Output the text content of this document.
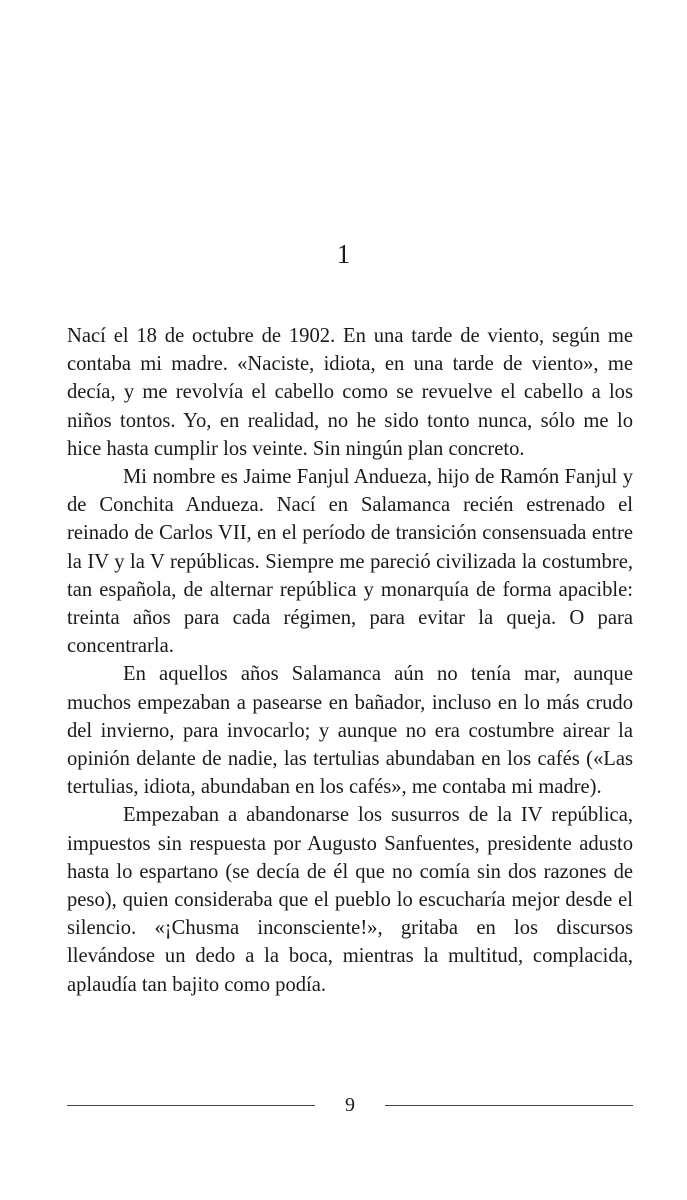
1

Nací el 18 de octubre de 1902. En una tarde de viento, según me contaba mi madre. «Naciste, idiota, en una tarde de viento», me decía, y me revolvía el cabello como se revuelve el cabello a los niños tontos. Yo, en realidad, no he sido tonto nunca, sólo me lo hice hasta cumplir los veinte. Sin ningún plan concreto.

Mi nombre es Jaime Fanjul Andueza, hijo de Ramón Fanjul y de Conchita Andueza. Nací en Salamanca recién estrenado el reinado de Carlos VII, en el período de transición consensuada entre la IV y la V repúblicas. Siempre me pareció civilizada la costumbre, tan española, de alternar república y monarquía de forma apacible: treinta años para cada régimen, para evitar la queja. O para concentrarla.

En aquellos años Salamanca aún no tenía mar, aunque muchos empezaban a pasearse en bañador, incluso en lo más crudo del invierno, para invocarlo; y aunque no era costumbre airear la opinión delante de nadie, las tertulias abundaban en los cafés («Las tertulias, idiota, abundaban en los cafés», me contaba mi madre).

Empezaban a abandonarse los susurros de la IV república, impuestos sin respuesta por Augusto Sanfuentes, presidente adusto hasta lo espartano (se decía de él que no comía sin dos razones de peso), quien consideraba que el pueblo lo escucharía mejor desde el silencio. «¡Chusma inconsciente!», gritaba en los discursos llevándose un dedo a la boca, mientras la multitud, complacida, aplaudía tan bajito como podía.

9
